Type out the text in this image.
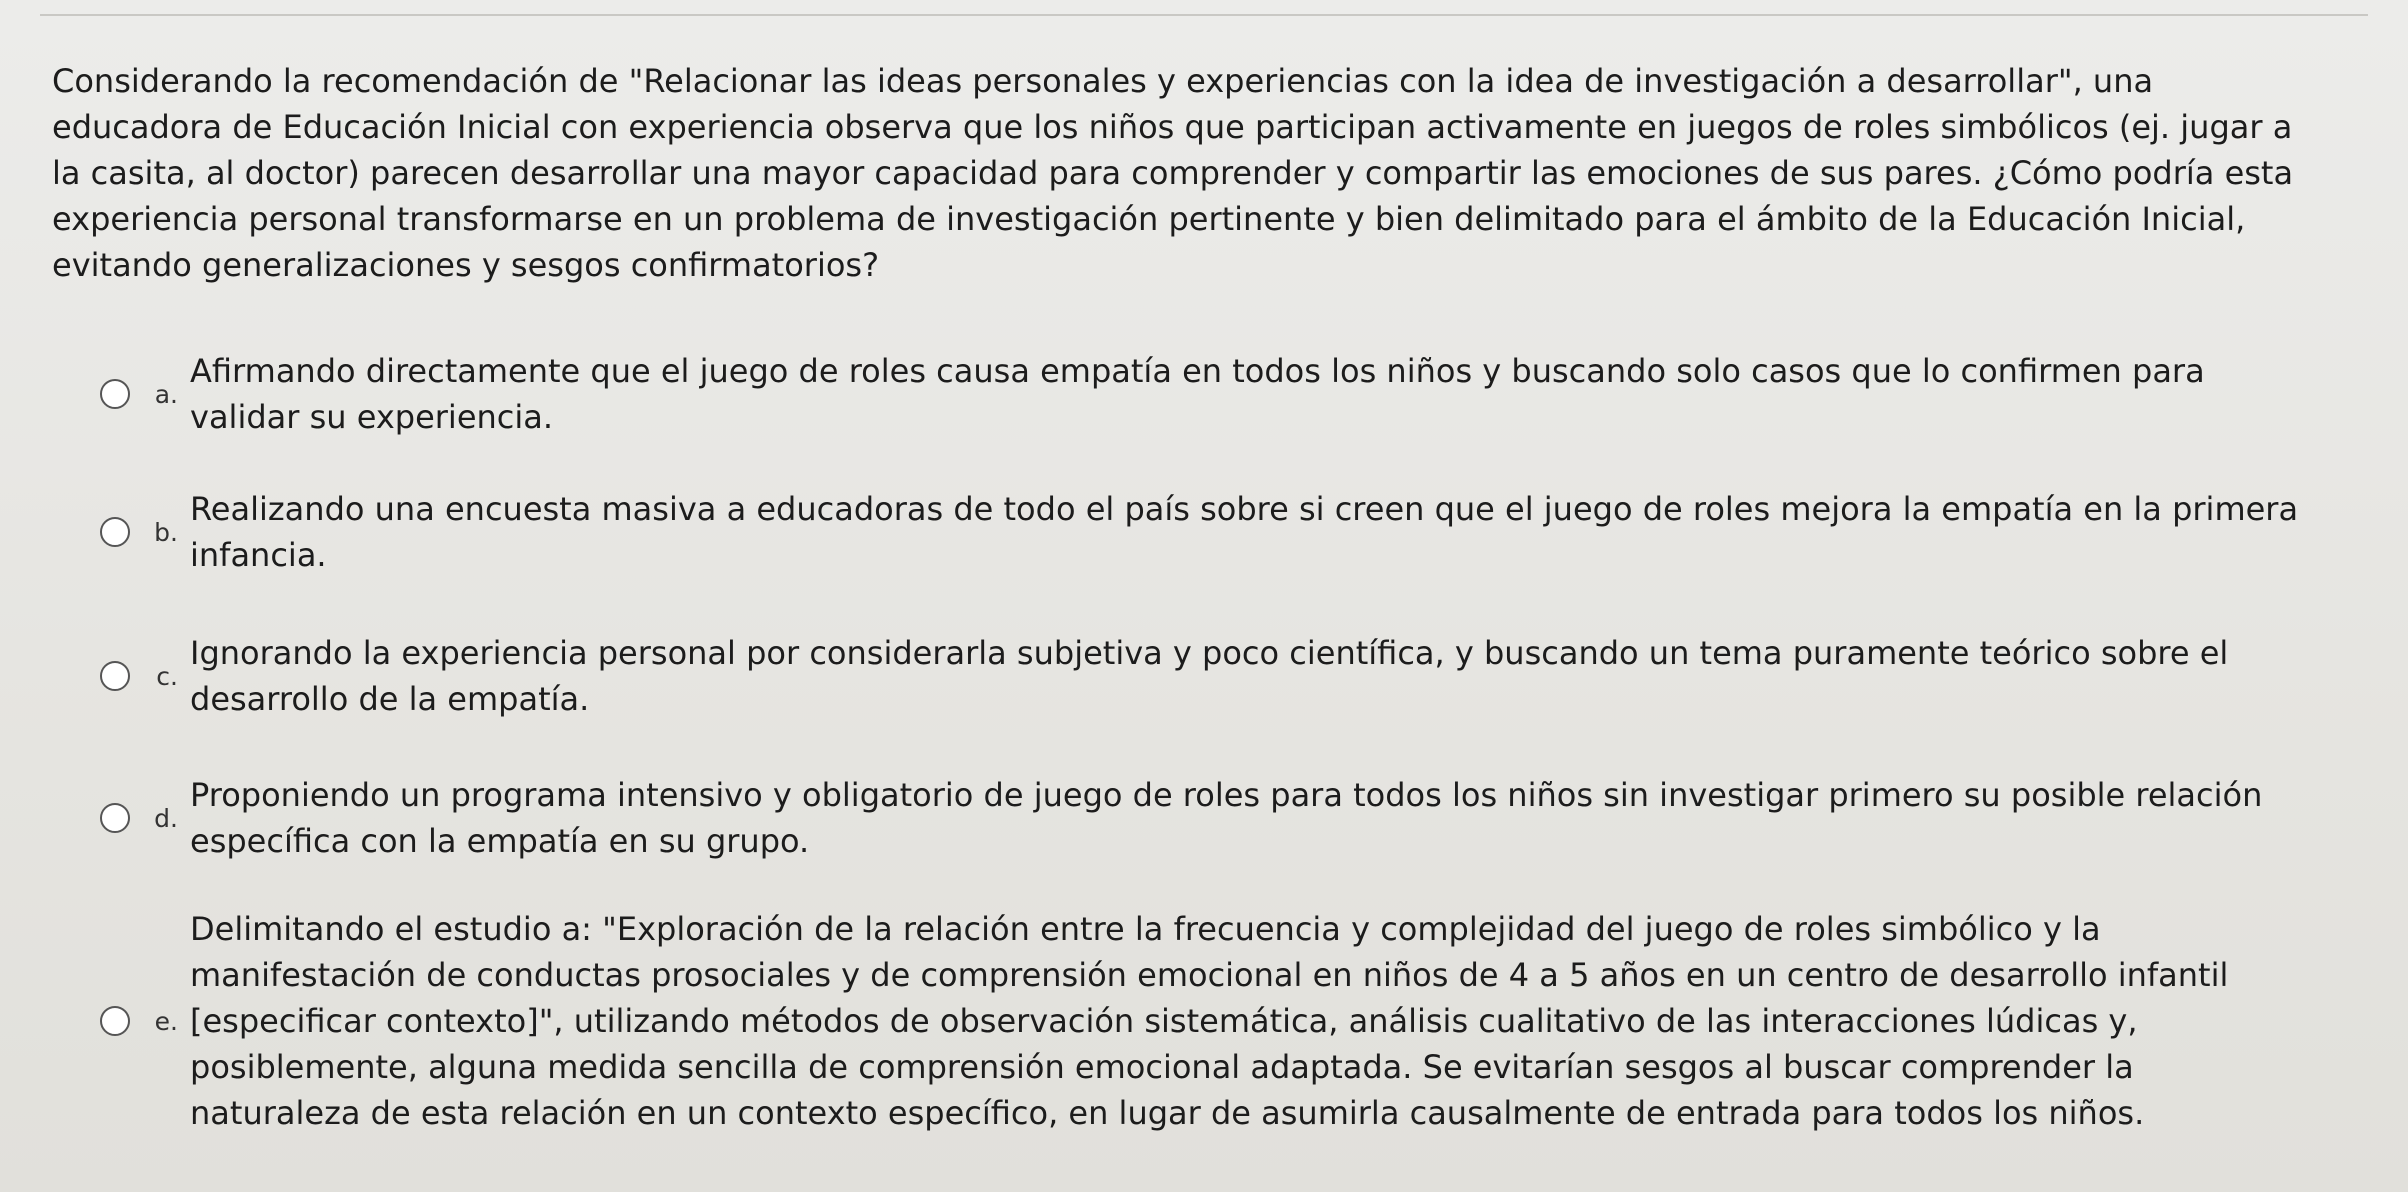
Considerando la recomendación de "Relacionar las ideas personales y experiencias con la idea de investigación a desarrollar", una educadora de Educación Inicial con experiencia observa que los niños que participan activamente en juegos de roles simbólicos (ej. jugar a la casita, al doctor) parecen desarrollar una mayor capacidad para comprender y compartir las emociones de sus pares. ¿Cómo podría esta experiencia personal transformarse en un problema de investigación pertinente y bien delimitado para el ámbito de la Educación Inicial, evitando generalizaciones y sesgos confirmatorios?

a.
Afirmando directamente que el juego de roles causa empatía en todos los niños y buscando solo casos que lo confirmen para validar su experiencia.
b.
Realizando una encuesta masiva a educadoras de todo el país sobre si creen que el juego de roles mejora la empatía en la primera infancia.
c.
Ignorando la experiencia personal por considerarla subjetiva y poco científica, y buscando un tema puramente teórico sobre el desarrollo de la empatía.
d.
Proponiendo un programa intensivo y obligatorio de juego de roles para todos los niños sin investigar primero su posible relación específica con la empatía en su grupo.
e.
Delimitando el estudio a: "Exploración de la relación entre la frecuencia y complejidad del juego de roles simbólico y la manifestación de conductas prosociales y de comprensión emocional en niños de 4 a 5 años en un centro de desarrollo infantil [especificar contexto]", utilizando métodos de observación sistemática, análisis cualitativo de las interacciones lúdicas y, posiblemente, alguna medida sencilla de comprensión emocional adaptada. Se evitarían sesgos al buscar comprender la naturaleza de esta relación en un contexto específico, en lugar de asumirla causalmente de entrada para todos los niños.
